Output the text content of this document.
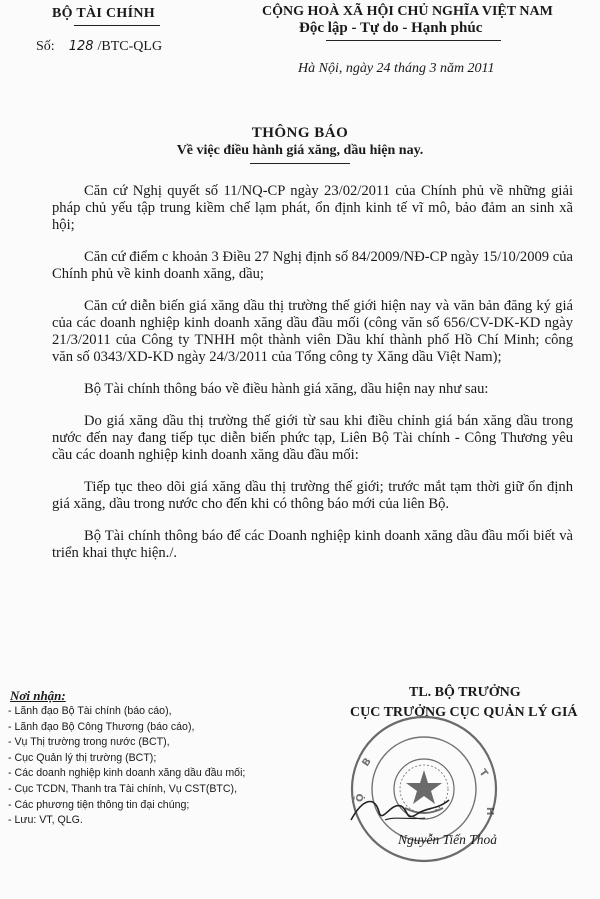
BỘ TÀI CHÍNH
Số: 128 /BTC-QLG
CỘNG HOÀ XÃ HỘI CHỦ NGHĨA VIỆT NAM
Độc lập - Tự do - Hạnh phúc
Hà Nội, ngày 24 tháng 3 năm 2011
THÔNG BÁO
Về việc điều hành giá xăng, dầu hiện nay.

Căn cứ Nghị quyết số 11/NQ-CP ngày 23/02/2011 của Chính phủ về những giải pháp chủ yếu tập trung kiềm chế lạm phát, ổn định kinh tế vĩ mô, bảo đảm an sinh xã hội;

Căn cứ điểm c khoản 3 Điều 27 Nghị định số 84/2009/NĐ-CP ngày 15/10/2009 của Chính phủ về kinh doanh xăng, dầu;

Căn cứ diễn biến giá xăng dầu thị trường thế giới hiện nay và văn bản đăng ký giá của các doanh nghiệp kinh doanh xăng dầu đầu mối (công văn số 656/CV-DK-KD ngày 21/3/2011 của Công ty TNHH một thành viên Dầu khí thành phố Hồ Chí Minh; công văn số 0343/XD-KD ngày 24/3/2011 của Tổng công ty Xăng dầu Việt Nam);

Bộ Tài chính thông báo về điều hành giá xăng, dầu hiện nay như sau:

Do giá xăng dầu thị trường thế giới từ sau khi điều chỉnh giá bán xăng dầu trong nước đến nay đang tiếp tục diễn biến phức tạp, Liên Bộ Tài chính - Công Thương yêu cầu các doanh nghiệp kinh doanh xăng dầu đầu mối:

Tiếp tục theo dõi giá xăng dầu thị trường thế giới; trước mắt tạm thời giữ ổn định giá xăng, dầu trong nước cho đến khi có thông báo mới của liên Bộ.

Bộ Tài chính thông báo để các Doanh nghiệp kinh doanh xăng dầu đầu mối biết và triển khai thực hiện./.

Nơi nhận:
- Lãnh đạo Bộ Tài chính (báo cáo),
- Lãnh đạo Bộ Công Thương (báo cáo),
- Vụ Thị trường trong nước (BCT),
- Cục Quản lý thị trường (BCT);
- Các doanh nghiệp kinh doanh xăng dầu đầu mối;
- Cục TCDN, Thanh tra Tài chính, Vụ CST(BTC),
- Các phương tiện thông tin đại chúng;
- Lưu: VT, QLG.
TL. BỘ TRƯỞNG
CỤC TRƯỞNG CỤC QUẢN LÝ GIÁ
B
Ộ
T
H
Nguyễn Tiến Thoả
